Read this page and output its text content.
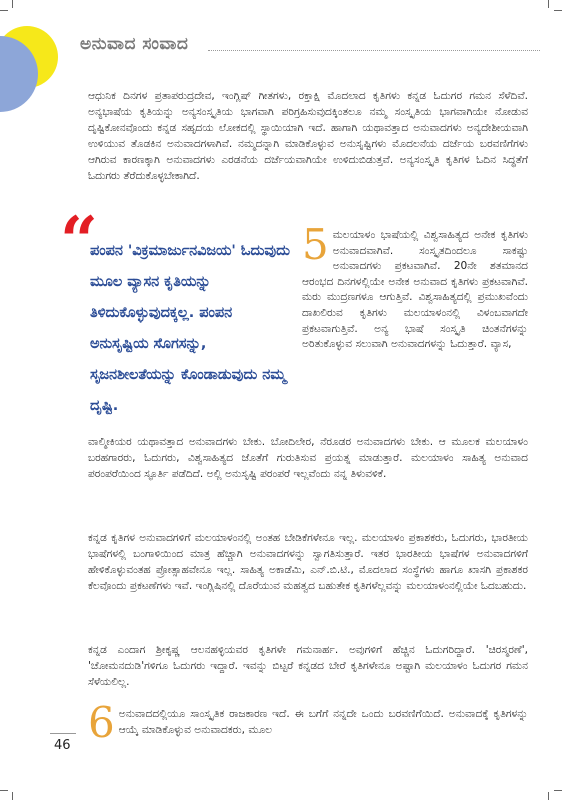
ಅನುವಾದ ಸಂವಾದ

ಆಧುನಿಕ ದಿನಗಳ ಪ್ರತಾಪರುದ್ರದೇವ, ಇಂಗ್ಲಿಷ್ ಗೀತಗಳು, ರಕ್ತಾಕ್ಷಿ ಮೊದಲಾದ ಕೃತಿಗಳು ಕನ್ನಡ ಓದುಗರ ಗಮನ ಸೆಳೆದಿವೆ. ಅನ್ಯಭಾಷೆಯ ಕೃತಿಯನ್ನು ಅನ್ಯಸಂಸ್ಕೃತಿಯ ಭಾಗವಾಗಿ ಪರಿಗ್ರಹಿಸುವುದಕ್ಕಿಂತಲೂ ನಮ್ಮ ಸಂಸ್ಕೃತಿಯ ಭಾಗವಾಗಿಯೇ ನೋಡುವ ದೃಷ್ಟಿಕೋನವೊಂದು ಕನ್ನಡ ಸಹೃದಯ ಲೋಕದಲ್ಲಿ ಸ್ಥಾಯಿಯಾಗಿ ಇದೆ. ಹಾಗಾಗಿ ಯಥಾವತ್ತಾದ ಅನುವಾದಗಳು ಅನ್ಯದೇಶೀಯವಾಗಿ ಉಳಿಯುವ ತೊಡಕಿನ ಅನುವಾದಗಳಾಗಿವೆ. ನಮ್ಮದನ್ನಾಗಿ ಮಾಡಿಕೊಳ್ಳುವ ಅನುಸೃಷ್ಟಿಗಳು ಮೊದಲನೆಯ ದರ್ಜೆಯ ಬರವಣಿಗೆಗಳು ಆಗಿರುವ ಕಾರಣಕ್ಕಾಗಿ ಅನುವಾದಗಳು ಎರಡನೆಯ ದರ್ಜೆಯವಾಗಿಯೇ ಉಳಿದುಬಿಡುತ್ತವೆ. ಅನ್ಯಸಂಸ್ಕೃತಿ ಕೃತಿಗಳ ಓದಿನ ಸಿದ್ಧತೆಗೆ ಓದುಗರು ತೆರೆದುಕೊಳ್ಳಬೇಕಾಗಿದೆ.

“

ಪಂಪನ 'ವಿಕ್ರಮಾರ್ಜುನವಿಜಯ' ಓದುವುದು ಮೂಲ ವ್ಯಾಸನ ಕೃತಿಯನ್ನು ತಿಳಿದುಕೊಳ್ಳುವುದಕ್ಕಲ್ಲ. ಪಂಪನ ಅನುಸೃಷ್ಟಿಯ ಸೊಗಸನ್ನು, ಸೃಜನಶೀಲತೆಯನ್ನು ಕೊಂಡಾಡುವುದು ನಮ್ಮ ದೃಷ್ಟಿ.

5 ಮಲಯಾಳಂ ಭಾಷೆಯಲ್ಲಿ ವಿಶ್ವಸಾಹಿತ್ಯದ ಅನೇಕ ಕೃತಿಗಳು ಅನುವಾದವಾಗಿವೆ. ಸಂಸ್ಕೃತದಿಂದಲೂ ಸಾಕಷ್ಟು ಅನುವಾದಗಳು ಪ್ರಕಟವಾಗಿವೆ. 20ನೇ ಶತಮಾನದ ಆರಂಭದ ದಿನಗಳಲ್ಲಿಯೇ ಅನೇಕ ಅನುವಾದ ಕೃತಿಗಳು ಪ್ರಕಟವಾಗಿವೆ. ಮರು ಮುದ್ರಣಗಳೂ ಆಗುತ್ತಿವೆ. ವಿಶ್ವಸಾಹಿತ್ಯದಲ್ಲಿ ಪ್ರಮುಖವೆಂದು ದಾಖಲಿರುವ ಕೃತಿಗಳು ಮಲಯಾಳಂನಲ್ಲಿ ವಿಳಂಬವಾಗದೇ ಪ್ರಕಟವಾಗುತ್ತಿವೆ. ಅನ್ಯ ಭಾಷೆ ಸಂಸ್ಕೃತಿ ಚಿಂತನೆಗಳನ್ನು ಅರಿತುಕೊಳ್ಳುವ ಸಲುವಾಗಿ ಅನುವಾದಗಳನ್ನು ಓದುತ್ತಾರೆ. ವ್ಯಾಸ,

ವಾಲ್ಮೀಕಿಯರ ಯಥಾವತ್ತಾದ ಅನುವಾದಗಳು ಬೇಕು. ಬೋದಿಲೇರ, ನೆರೂಡರ ಅನುವಾದಗಳು ಬೇಕು. ಆ ಮೂಲಕ ಮಲಯಾಳಂ ಬರಹಗಾರರು, ಓದುಗರು, ವಿಶ್ವಸಾಹಿತ್ಯದ ಜೊತೆಗೆ ಗುರುತಿಸುವ ಪ್ರಯತ್ನ ಮಾಡುತ್ತಾರೆ. ಮಲಯಾಳಂ ಸಾಹಿತ್ಯ ಅನುವಾದ ಪರಂಪರೆಯಿಂದ ಸ್ಫೂರ್ತಿ ಪಡೆದಿದೆ. ಅಲ್ಲಿ ಅನುಸೃಷ್ಟಿ ಪರಂಪರೆ ಇಲ್ಲವೆಂದು ನನ್ನ ತಿಳುವಳಿಕೆ.

ಕನ್ನಡ ಕೃತಿಗಳ ಅನುವಾದಗಳಿಗೆ ಮಲಯಾಳಂನಲ್ಲಿ ಅಂತಹ ಬೇಡಿಕೆಗಳೇನೂ ಇಲ್ಲ. ಮಲಯಾಳಂ ಪ್ರಕಾಶಕರು, ಓದುಗರು, ಭಾರತೀಯ ಭಾಷೆಗಳಲ್ಲಿ ಬಂಗಾಳಿಯಿಂದ ಮಾತ್ರ ಹೆಚ್ಚಾಗಿ ಅನುವಾದಗಳನ್ನು ಸ್ವಾಗತಿಸುತ್ತಾರೆ. ಇತರ ಭಾರತೀಯ ಭಾಷೆಗಳ ಅನುವಾದಗಳಿಗೆ ಹೇಳಿಕೊಳ್ಳುವಂತಹ ಪ್ರೋತ್ಸಾಹವೇನೂ ಇಲ್ಲ. ಸಾಹಿತ್ಯ ಅಕಾಡೆಮಿ, ಎನ್.ಬಿ.ಟಿ., ಮೊದಲಾದ ಸಂಸ್ಥೆಗಳು ಹಾಗೂ ಖಾಸಗಿ ಪ್ರಕಾಶಕರ ಕೆಲವೊಂದು ಪ್ರಕಟಣೆಗಳು ಇವೆ. ಇಂಗ್ಲಿಷಿನಲ್ಲಿ ದೊರೆಯುವ ಮಹತ್ವದ ಬಹುತೇಕ ಕೃತಿಗಳೆಲ್ಲವನ್ನು ಮಲಯಾಳಂನಲ್ಲಿಯೇ ಓದಬಹುದು.

ಕನ್ನಡ ಎಂದಾಗ ಶ್ರೀಕೃಷ್ಣ ಆಲನಹಳ್ಳಿಯವರ ಕೃತಿಗಳೇ ಗಮನಾರ್ಹ. ಅವುಗಳಿಗೆ ಹೆಚ್ಚಿನ ಓದುಗರಿದ್ದಾರೆ. 'ಚಿರಸ್ಮರಣೆ', 'ಚೋಮನದುಡಿ'ಗಳಿಗೂ ಓದುಗರು ಇದ್ದಾರೆ. ಇವನ್ನು ಬಿಟ್ಟರೆ ಕನ್ನಡದ ಬೇರೆ ಕೃತಿಗಳೇನೂ ಅಷ್ಟಾಗಿ ಮಲಯಾಳಂ ಓದುಗರ ಗಮನ ಸೆಳೆಯಲಿಲ್ಲ.

6 ಅನುವಾದದಲ್ಲಿಯೂ ಸಾಂಸ್ಕೃತಿಕ ರಾಜಕಾರಣ ಇದೆ. ಈ ಬಗೆಗೆ ನನ್ನದೇ ಒಂದು ಬರವಣಿಗೆಯಿದೆ. ಅನುವಾದಕ್ಕೆ ಕೃತಿಗಳನ್ನು ಆಯ್ಕೆ ಮಾಡಿಕೊಳ್ಳುವ ಅನುವಾದಕರು, ಮೂಲ

46
